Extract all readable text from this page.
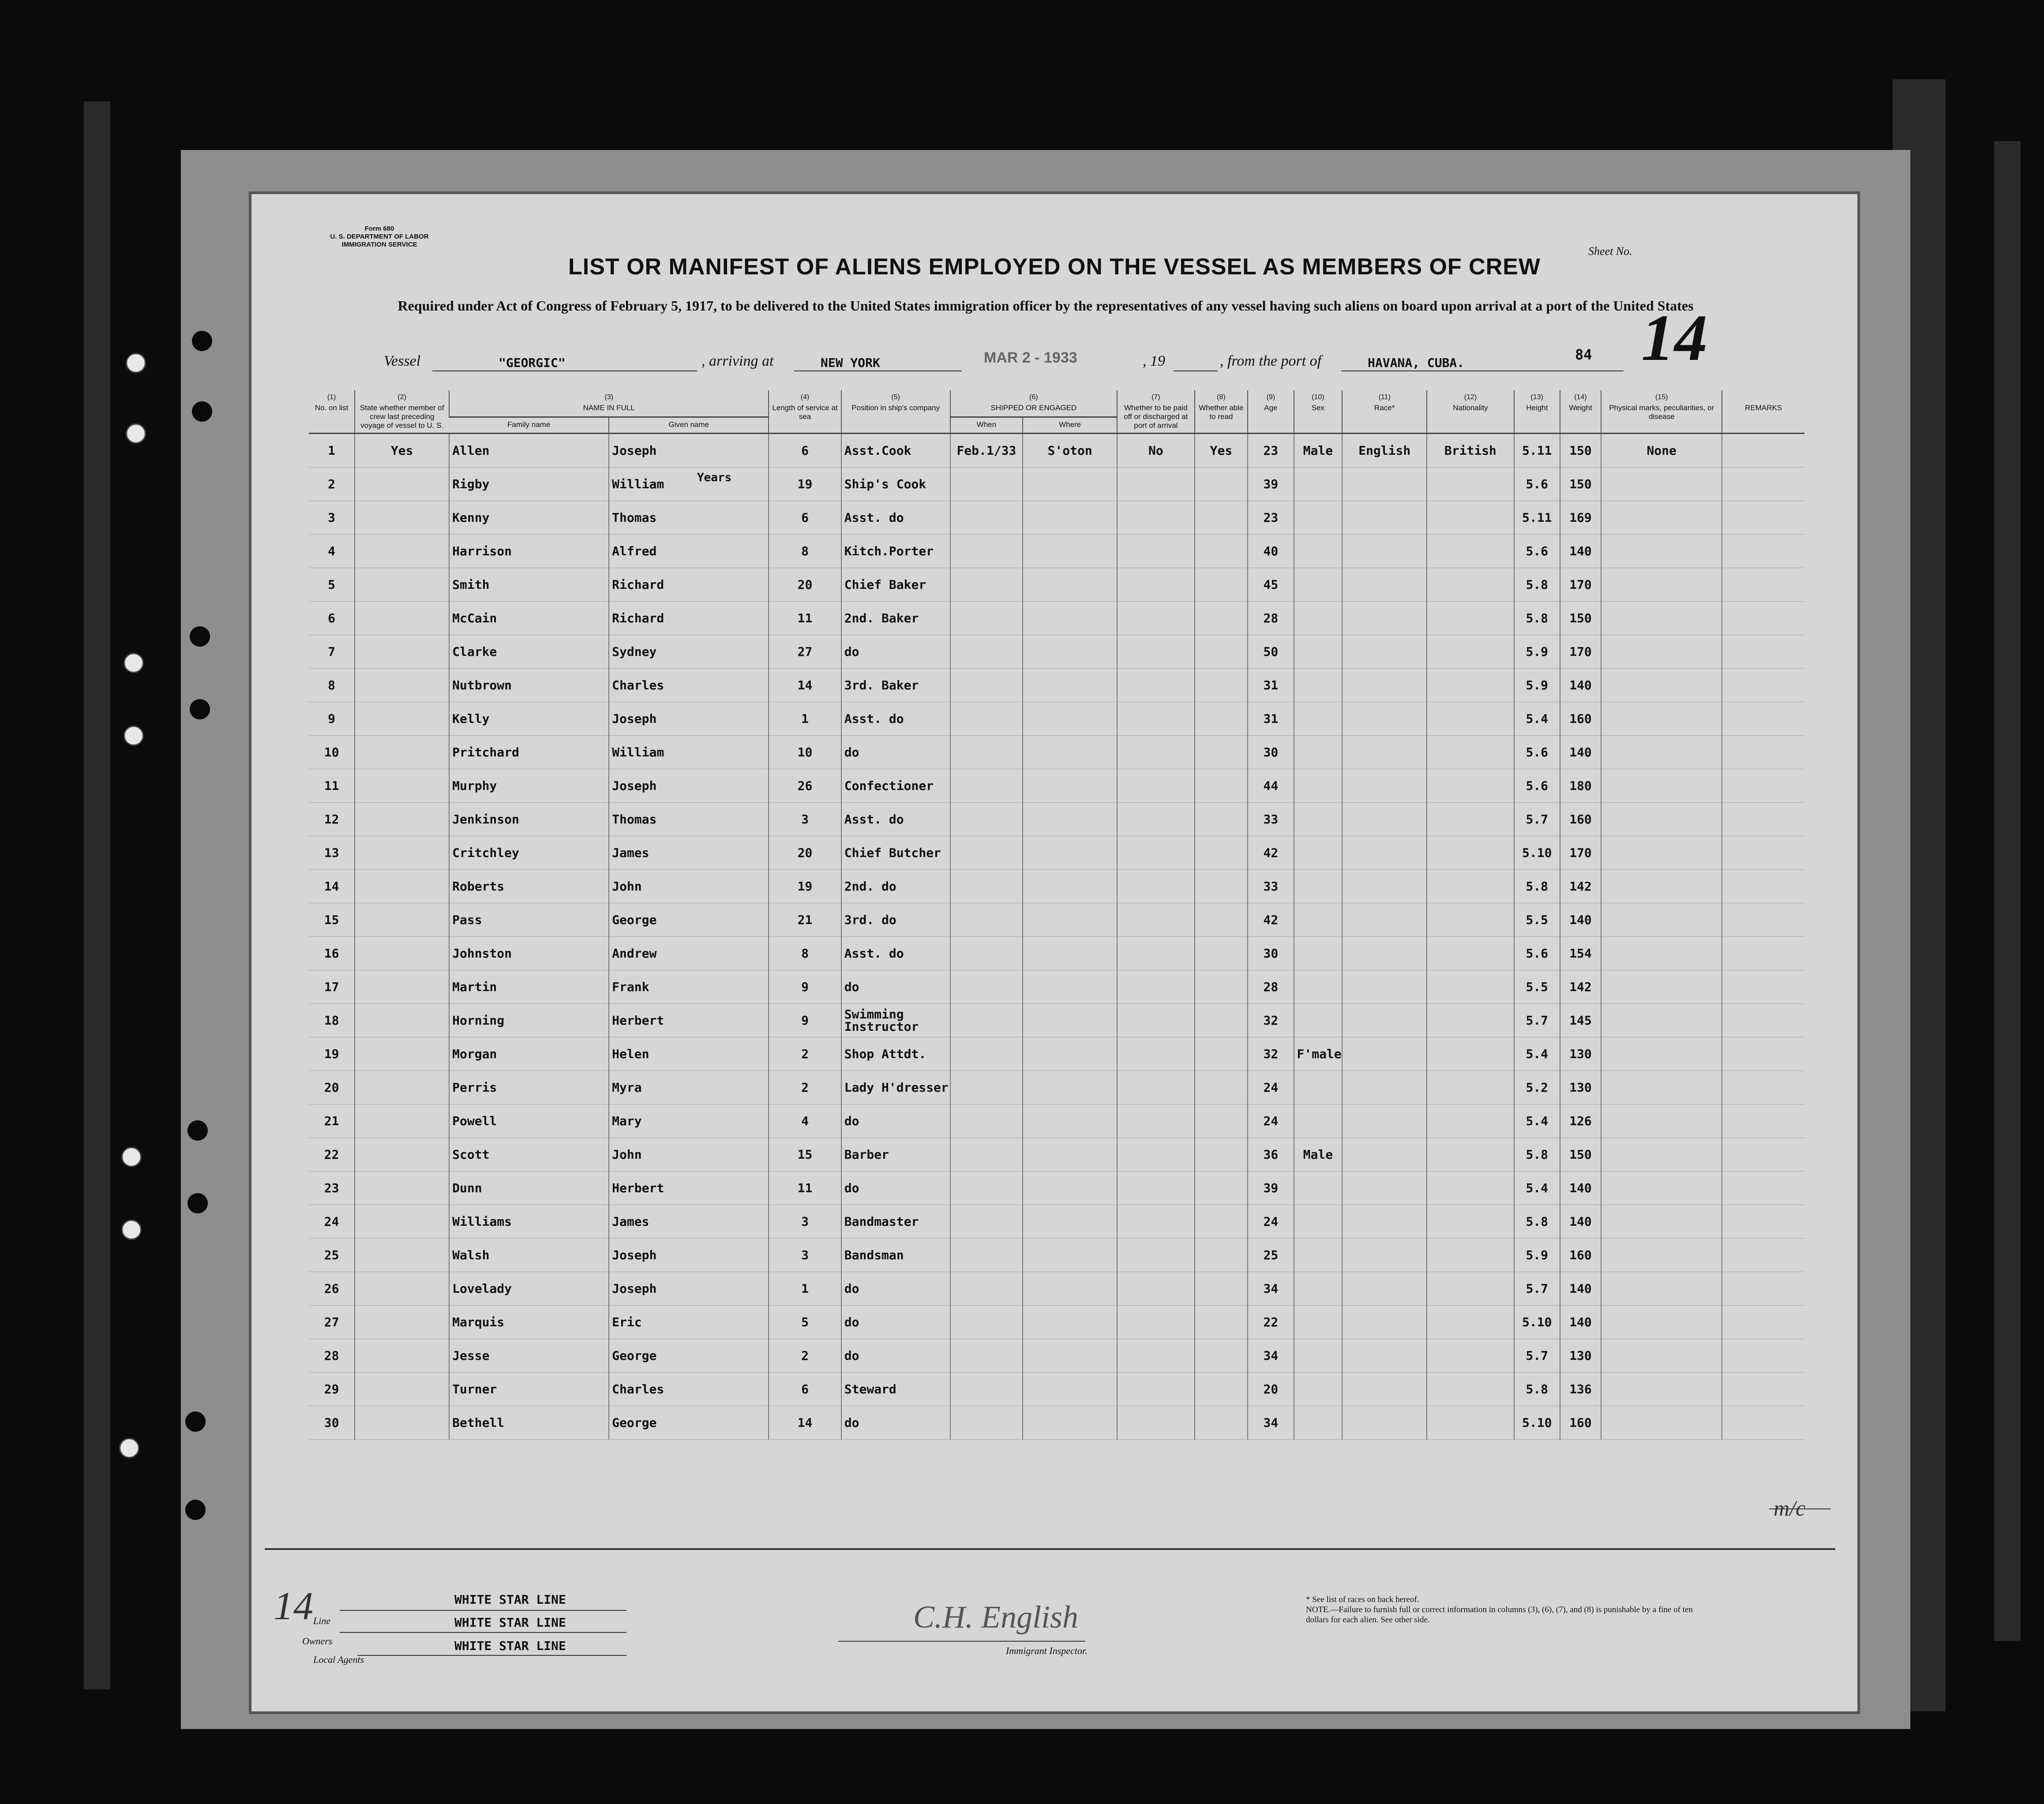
Form 680
U. S. DEPARTMENT OF LABOR
IMMIGRATION SERVICE
Sheet No.
14
LIST OR MANIFEST OF ALIENS EMPLOYED ON THE VESSEL AS MEMBERS OF CREW
Required under Act of Congress of February 5, 1917, to be delivered to the United States immigration officer by the representatives of any vessel having such aliens on board upon arrival at a port of the United States
Vessel	"GEORGIC"	, arriving at	NEW YORK	MAR 2 - 1933	, 19	, from the port of	HAVANA, CUBA.	84
(1)
No. on list	(2)
State whether member of crew last preceding voyage of vessel to U. S.	(3)
NAME IN FULL		(4)
Length of service at sea	(5)
Position in ship's company	(6)
SHIPPED OR ENGAGED		(7)
Whether to be paid off or discharged at port of arrival	(8)
Whether able to read	(9)
Age	(10)
Sex	(11)
Race*	(12)
Nationality	(13)
Height	(14)
Weight	(15)
Physical marks, peculiarities, or disease	REMARKS
		Family name	Given name			When	Where										
1	Yes	Allen	Joseph	6	Asst.Cook	Feb.1/33	S'oton	No	Yes	23	Male	English	British	5.11	150	None	
2		Rigby	William	19	Ship's Cook					39				5.6	150		
3		Kenny	Thomas	6	Asst. do					23				5.11	169		
4		Harrison	Alfred	8	Kitch.Porter					40				5.6	140		
5		Smith	Richard	20	Chief Baker					45				5.8	170		
6		McCain	Richard	11	2nd. Baker					28				5.8	150		
7		Clarke	Sydney	27	do					50				5.9	170		
8		Nutbrown	Charles	14	3rd. Baker					31				5.9	140		
9		Kelly	Joseph	1	Asst. do					31				5.4	160		
10		Pritchard	William	10	do					30				5.6	140		
11		Murphy	Joseph	26	Confectioner					44				5.6	180		
12		Jenkinson	Thomas	3	Asst. do					33				5.7	160		
13		Critchley	James	20	Chief Butcher					42				5.10	170		
14		Roberts	John	19	2nd. do					33				5.8	142		
15		Pass	George	21	3rd. do					42				5.5	140		
16		Johnston	Andrew	8	Asst. do					30				5.6	154		
17		Martin	Frank	9	do					28				5.5	142		
18		Horning	Herbert	9	Swimming Instructor					32				5.7	145		
19		Morgan	Helen	2	Shop Attdt.					32	F'male			5.4	130		
20		Perris	Myra	2	Lady H'dresser					24				5.2	130		
21		Powell	Mary	4	do					24				5.4	126		
22		Scott	John	15	Barber					36	Male			5.8	150		
23		Dunn	Herbert	11	do					39				5.4	140		
24		Williams	James	3	Bandmaster					24				5.8	140		
25		Walsh	Joseph	3	Bandsman					25				5.9	160		
26		Lovelady	Joseph	1	do					34				5.7	140		
27		Marquis	Eric	5	do					22				5.10	140		
28		Jesse	George	2	do					34				5.7	130		
29		Turner	Charles	6	Steward					20				5.8	136		
30		Bethell	George	14	do					34				5.10	160		
Line
WHITE STAR LINE
Owners
WHITE STAR LINE
Local Agents
WHITE STAR LINE
C.H. English
Immigrant Inspector.
* See list of races on back hereof.
NOTE.—Failure to furnish full or correct information in columns (3), (6), (7), and (8) is punishable by a fine of ten dollars for each alien. See other side.
14
m/c
Years
